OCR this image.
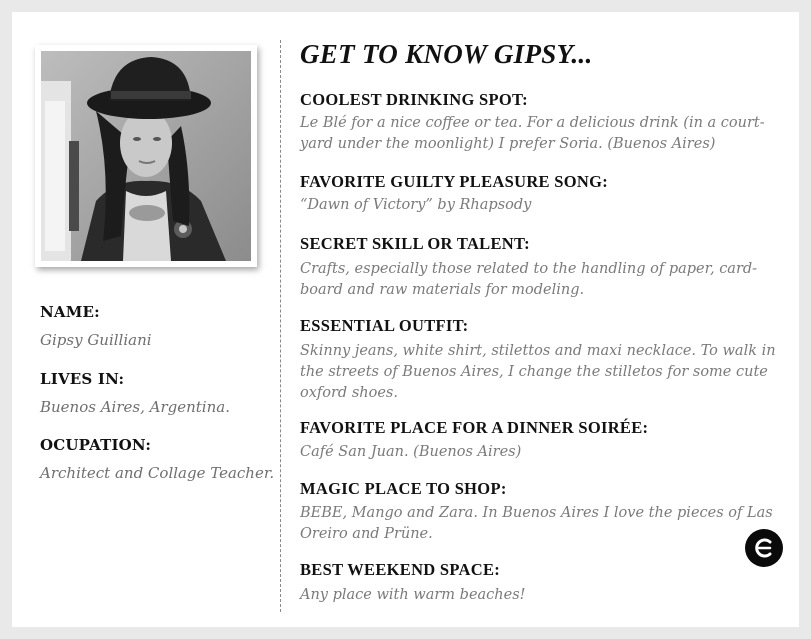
NAME:

Gipsy Guilliani

LIVES IN:

Buenos Aires, Argentina.

OCUPATION:

Architect and Collage Teacher.

GET TO KNOW GIPSY...
COOLEST DRINKING SPOT:

Le Blé for a nice coffee or tea. For a delicious drink (in a court- yard under the moonlight) I prefer Soria. (Buenos Aires)

FAVORITE GUILTY PLEASURE SONG:

“Dawn of Victory” by Rhapsody

SECRET SKILL OR TALENT:

Crafts, especially those related to the handling of paper, card- board and raw materials for modeling.

ESSENTIAL OUTFIT:

Skinny jeans, white shirt, stilettos and maxi necklace. To walk in the streets of Buenos Aires, I change the stilletos for some cute oxford shoes.

FAVORITE PLACE FOR A DINNER SOIRÉE:

Café San Juan. (Buenos Aires)

MAGIC PLACE TO SHOP:

BEBE, Mango and Zara. In Buenos Aires I love the pieces of Las Oreiro and Prüne.

BEST WEEKEND SPACE:

Any place with warm beaches!
